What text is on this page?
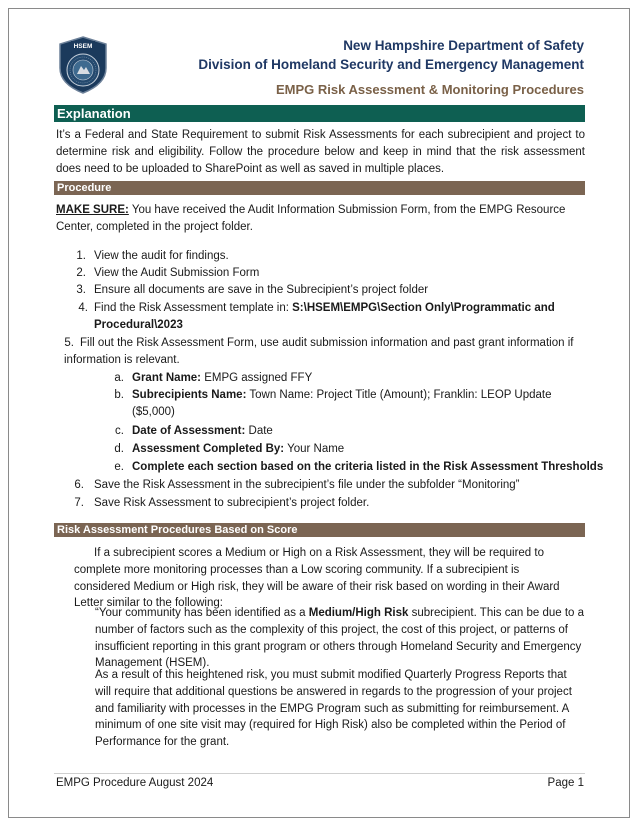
HSEM	New Hampshire Department of Safety
Division of Homeland Security and Emergency Management
EMPG Risk Assessment & Monitoring Procedures
Explanation
It’s a Federal and State Requirement to submit Risk Assessments for each subrecipient and project to determine risk and eligibility. Follow the procedure below and keep in mind that the risk assessment does need to be uploaded to SharePoint as well as saved in multiple places.
Procedure
MAKE SURE: You have received the Audit Information Submission Form, from the EMPG Resource Center, completed in the project folder.
1. View the audit for findings.
2. View the Audit Submission Form
3. Ensure all documents are save in the Subrecipient’s project folder
4. Find the Risk Assessment template in: S:\HSEM\EMPG\Section Only\Programmatic and Procedural\2023
5. Fill out the Risk Assessment Form, use audit submission information and past grant information if information is relevant.
a. Grant Name: EMPG assigned FFY
b. Subrecipients Name: Town Name: Project Title (Amount); Franklin: LEOP Update ($5,000)
c. Date of Assessment: Date
d. Assessment Completed By: Your Name
e. Complete each section based on the criteria listed in the Risk Assessment Thresholds
6. Save the Risk Assessment in the subrecipient’s file under the subfolder “Monitoring”
7. Save Risk Assessment to subrecipient’s project folder.
Risk Assessment Procedures Based on Score
If a subrecipient scores a Medium or High on a Risk Assessment, they will be required to complete more monitoring processes than a Low scoring community. If a subrecipient is considered Medium or High risk, they will be aware of their risk based on wording in their Award Letter similar to the following:
“Your community has been identified as a Medium/High Risk subrecipient. This can be due to a number of factors such as the complexity of this project, the cost of this project, or patterns of insufficient reporting in this grant program or others through Homeland Security and Emergency Management (HSEM).
As a result of this heightened risk, you must submit modified Quarterly Progress Reports that will require that additional questions be answered in regards to the progression of your project and familiarity with processes in the EMPG Program such as submitting for reimbursement. A minimum of one site visit may (required for High Risk) also be completed within the Period of Performance for the grant.
EMPG Procedure August 2024	Page 1
